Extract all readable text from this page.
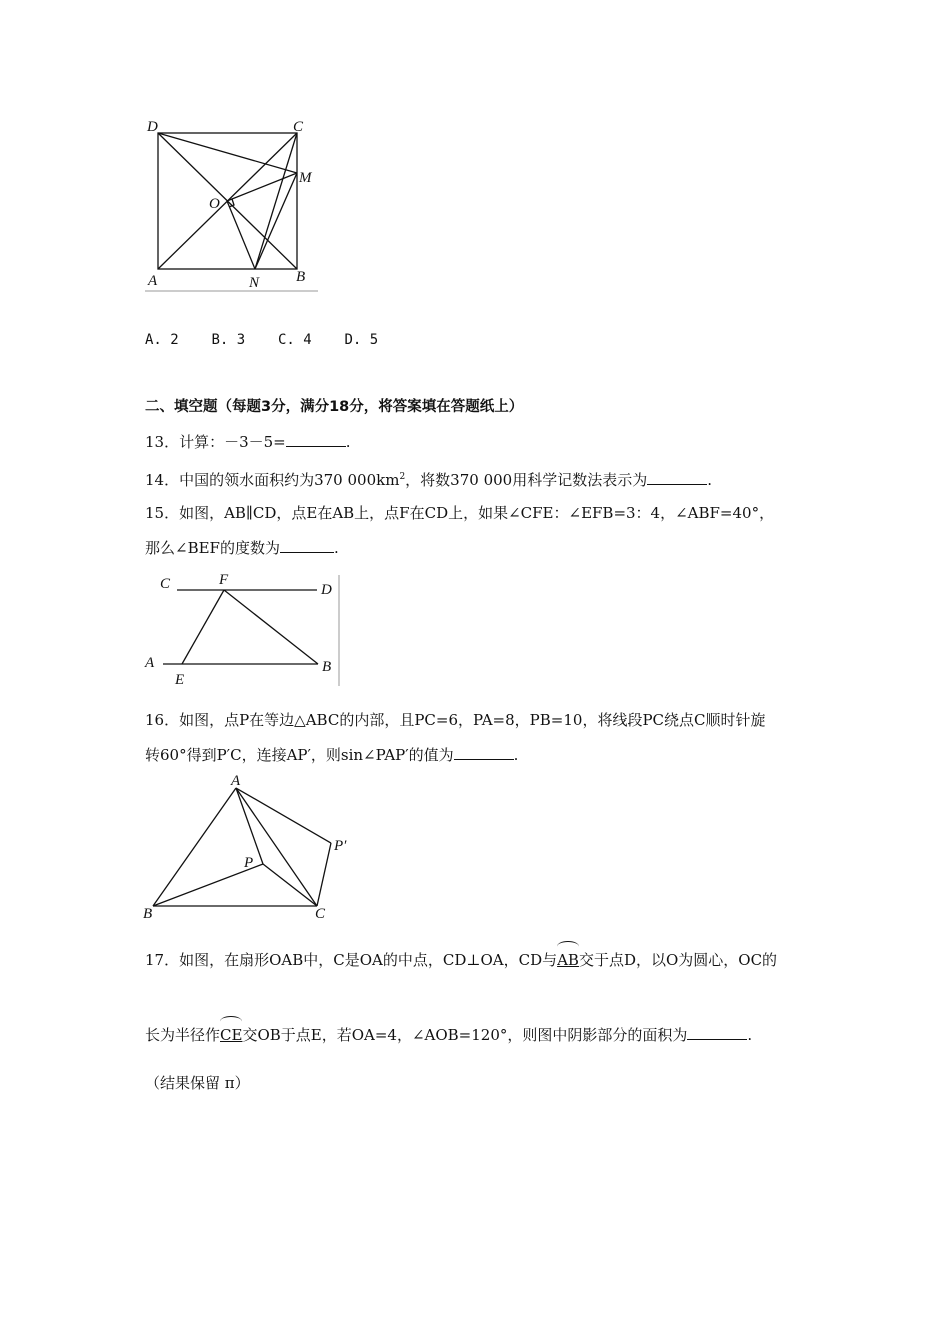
D	C
M
O
A	N B
A. 2 B. 3 C. 4 D. 5
二、填空题（每题3分，满分18分，将答案填在答题纸上）
13．计算：－3－5=	.
14．中国的领水面积约为370 $000km^2$，将数370 000用科学记数法表示为	.
15．如图，AB∥CD，点E在AB上，点F在CD上，如果∠CFE：∠EFB=3：4，∠ABF=40°，
那么∠BEF的度数为	.
C	F
D
A
E
B
16．如图，点P在等边△ABC的内部，且PC=6，PA=8，PB=10，将线段PC绕点C顺时针旋
转60°得到P′C，连接AP′，则sin∠PAP′的值为	.
A
P′
P
B	C
17．如图，在扇形OAB中，C是OA的中点，CD⊥OA，CD与AB交于点D，以O为圆心，OC的
长为半径作CE交OB于点E，若OA=4，∠AOB=120°，则图中阴影部分的面积为	.
（结果保留 π）
